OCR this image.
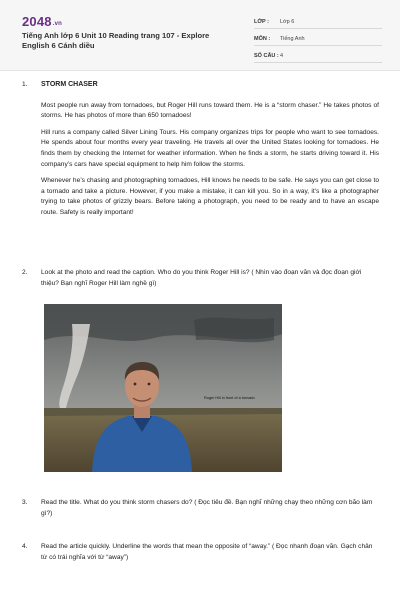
2048.vn
Tiếng Anh lớp 6 Unit 10 Reading trang 107 - Explore English 6 Cánh diều
LỚP :	Lớp 6
MÔN :	Tiếng Anh
SỐ CÂU : 4
1.	STORM CHASER

Most people run away from tornadoes, but Roger Hill runs toward them. He is a “storm chaser.” He takes photos of storms. He has photos of more than 650 tornadoes!

Hill runs a company called Silver Lining Tours. His company organizes trips for people who want to see tornadoes. He spends about four months every year traveling. He travels all over the United States looking for tornadoes. He finds them by checking the Internet for weather information. When he finds a storm, he starts driving toward it. His company’s cars have special equipment to help him follow the storms.

Whenever he’s chasing and photographing tornadoes, Hill knows he needs to be safe. He says you can get close to a tornado and take a picture. However, if you make a mistake, it can kill you. So in a way, it’s like a photographer trying to take photos of grizzly bears. Before taking a photograph, you need to be ready and to have an escape route. Safety is really important!

2.	Look at the photo and read the caption. Who do you think Roger Hill is? ( Nhìn vào đoạn văn và đọc đoạn giới thiệu? Bạn nghĩ Roger Hill làm nghề gì)
3.	Read the title. What do you think storm chasers do? ( Đọc tiêu đề. Bạn nghĩ những chạy theo những cơn bão làm gì?)
4.	Read the article quickly. Underline the words that mean the opposite of “away.” ( Đọc nhanh đoạn văn. Gạch chân từ có trái nghĩa với từ “away”)
Roger Hill in front of a tornado
